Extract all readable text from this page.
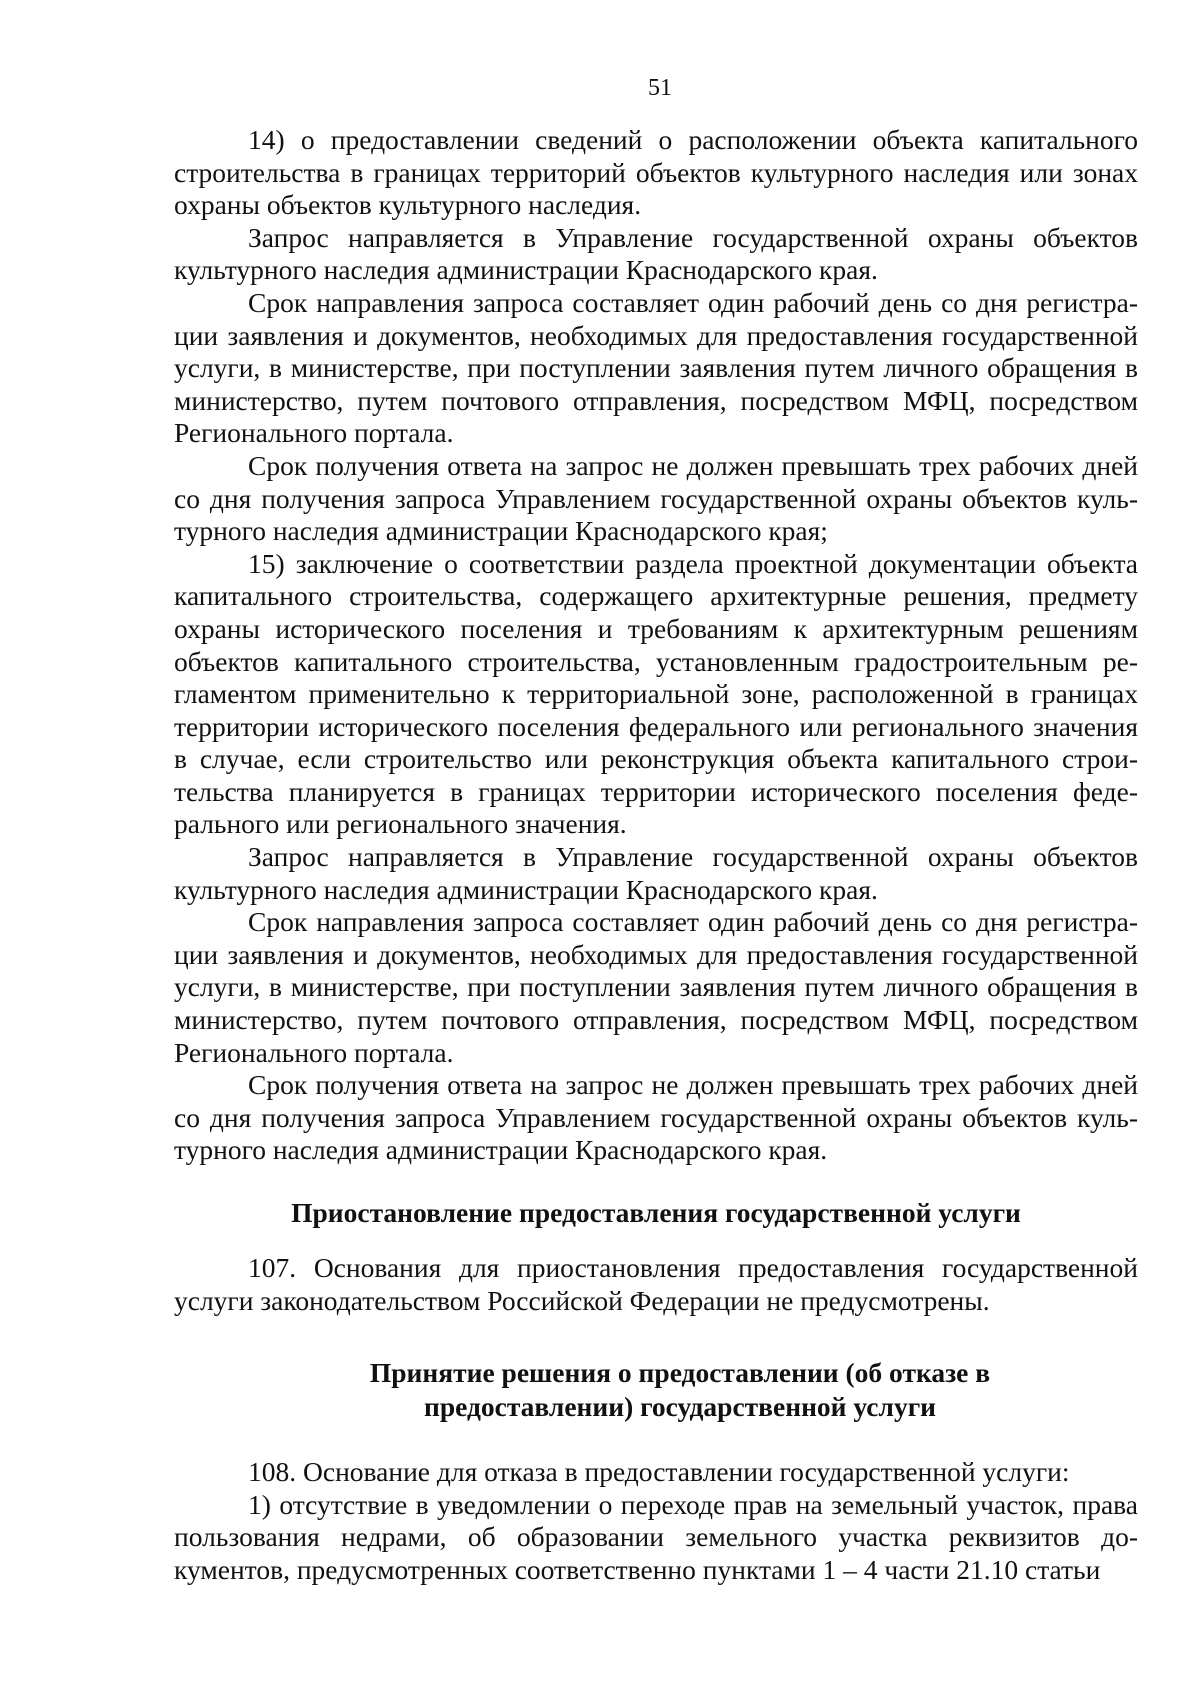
51

14) о предоставлении сведений о расположении объекта капитального строительства в границах территорий объектов культурного наследия или зонах охраны объектов культурного наследия.

Запрос направляется в Управление государственной охраны объектов культурного наследия администрации Краснодарского края.

Срок направления запроса составляет один рабочий день со дня регистрации заявления и документов, необходимых для предоставления государственной услуги, в министерстве, при поступлении заявления путем личного обращения в министерство, путем почтового отправления, посредством МФЦ, посредством Регионального портала.

Срок получения ответа на запрос не должен превышать трех рабочих дней со дня получения запроса Управлением государственной охраны объектов культурного наследия администрации Краснодарского края;

15) заключение о соответствии раздела проектной документации объекта капитального строительства, содержащего архитектурные решения, предмету охраны исторического поселения и требованиям к архитектурным решениям объектов капитального строительства, установленным градостроительным регламентом применительно к территориальной зоне, расположенной в границах территории исторического поселения федерального или регионального значения в случае, если строительство или реконструкция объекта капитального строительства планируется в границах территории исторического поселения федерального или регионального значения.

Запрос направляется в Управление государственной охраны объектов культурного наследия администрации Краснодарского края.

Срок направления запроса составляет один рабочий день со дня регистрации заявления и документов, необходимых для предоставления государственной услуги, в министерстве, при поступлении заявления путем личного обращения в министерство, путем почтового отправления, посредством МФЦ, посредством Регионального портала.

Срок получения ответа на запрос не должен превышать трех рабочих дней со дня получения запроса Управлением государственной охраны объектов культурного наследия администрации Краснодарского края.

Приостановление предоставления государственной услуги

107. Основания для приостановления предоставления государственной услуги законодательством Российской Федерации не предусмотрены.

Принятие решения о предоставлении (об отказе в предоставлении) государственной услуги

108. Основание для отказа в предоставлении государственной услуги:

1) отсутствие в уведомлении о переходе прав на земельный участок, права пользования недрами, об образовании земельного участка реквизитов документов, предусмотренных соответственно пунктами 1 – 4 части 21.10 статьи
